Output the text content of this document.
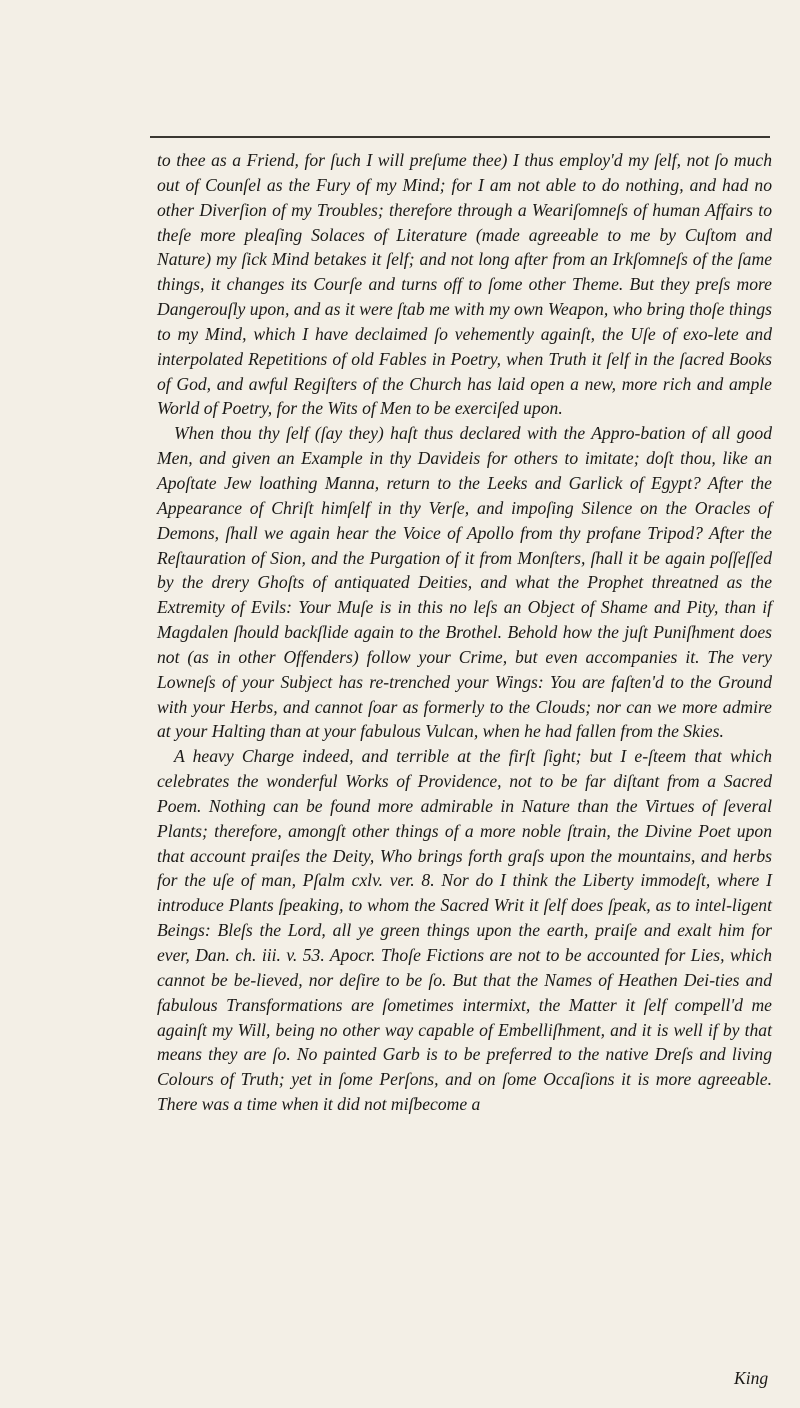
to thee as a Friend, for ſuch I will preſume thee) I thus employ'd my ſelf, not ſo much out of Counſel as the Fury of my Mind; for I am not able to do nothing, and had no other Diverſion of my Troubles; therefore through a Weariſomneſs of human Affairs to theſe more pleaſing Solaces of Literature (made agreeable to me by Cuſtom and Nature) my ſick Mind betakes it ſelf; and not long after from an Irkſomneſs of the ſame things, it changes its Courſe and turns off to ſome other Theme. But they preſs more Dangerouſly upon, and as it were ſtab me with my own Weapon, who bring thoſe things to my Mind, which I have declaimed ſo vehemently againſt, the Uſe of exo-lete and interpolated Repetitions of old Fables in Poetry, when Truth it ſelf in the ſacred Books of God, and awful Regiſters of the Church has laid open a new, more rich and ample World of Poetry, for the Wits of Men to be exerciſed upon.

When thou thy ſelf (ſay they) haſt thus declared with the Appro-bation of all good Men, and given an Example in thy Davideis for others to imitate; doſt thou, like an Apoſtate Jew loathing Manna, return to the Leeks and Garlick of Egypt? After the Appearance of Chriſt himſelf in thy Verſe, and impoſing Silence on the Oracles of Demons, ſhall we again hear the Voice of Apollo from thy profane Tripod? After the Reſtauration of Sion, and the Purgation of it from Monſters, ſhall it be again poſſeſſed by the drery Ghoſts of antiquated Deities, and what the Prophet threatned as the Extremity of Evils: Your Muſe is in this no leſs an Object of Shame and Pity, than if Magdalen ſhould backſlide again to the Brothel. Behold how the juſt Puniſhment does not (as in other Offenders) follow your Crime, but even accompanies it. The very Lowneſs of your Subject has re-trenched your Wings: You are faſten'd to the Ground with your Herbs, and cannot ſoar as formerly to the Clouds; nor can we more admire at your Halting than at your fabulous Vulcan, when he had fallen from the Skies.

A heavy Charge indeed, and terrible at the firſt ſight; but I e-ſteem that which celebrates the wonderful Works of Providence, not to be far diſtant from a Sacred Poem. Nothing can be found more admirable in Nature than the Virtues of ſeveral Plants; therefore, amongſt other things of a more noble ſtrain, the Divine Poet upon that account praiſes the Deity, Who brings forth graſs upon the mountains, and herbs for the uſe of man, Pſalm cxlv. ver. 8. Nor do I think the Liberty immodeſt, where I introduce Plants ſpeaking, to whom the Sacred Writ it ſelf does ſpeak, as to intel-ligent Beings: Bleſs the Lord, all ye green things upon the earth, praiſe and exalt him for ever, Dan. ch. iii. v. 53. Apocr. Thoſe Fictions are not to be accounted for Lies, which cannot be be-lieved, nor deſire to be ſo. But that the Names of Heathen Dei-ties and fabulous Transformations are ſometimes intermixt, the Matter it ſelf compell'd me againſt my Will, being no other way capable of Embelliſhment, and it is well if by that means they are ſo. No painted Garb is to be preferred to the native Dreſs and living Colours of Truth; yet in ſome Perſons, and on ſome Occaſions it is more agreeable. There was a time when it did not miſbecome a

King
